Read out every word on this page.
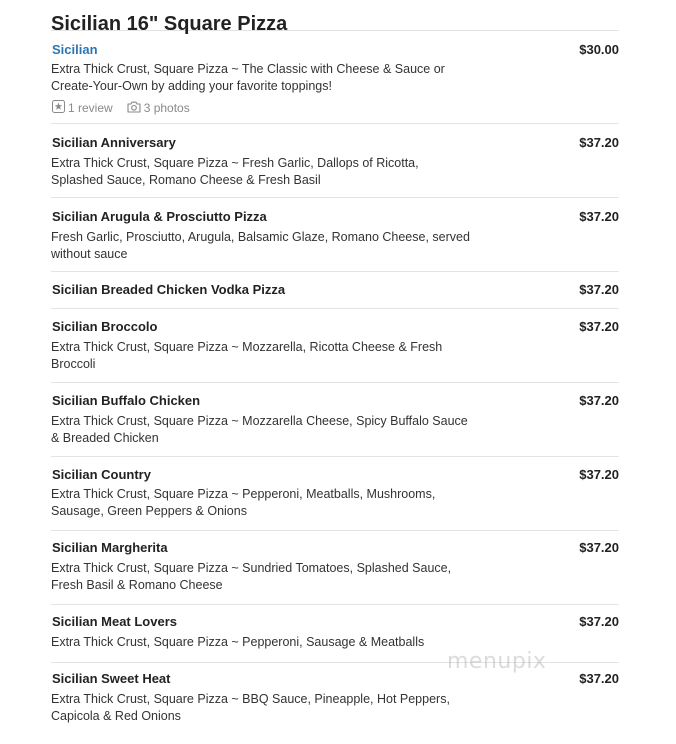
Sicilian 16" Square Pizza
Sicilian	$30.00
Extra Thick Crust, Square Pizza ~ The Classic with Cheese & Sauce or
Create-Your-Own by adding your favorite toppings!
1 review	3 photos
Sicilian Anniversary	$37.20
Extra Thick Crust, Square Pizza ~ Fresh Garlic, Dallops of Ricotta,
Splashed Sauce, Romano Cheese & Fresh Basil
Sicilian Arugula & Prosciutto Pizza	$37.20
Fresh Garlic, Prosciutto, Arugula, Balsamic Glaze, Romano Cheese, served
without sauce
Sicilian Breaded Chicken Vodka Pizza	$37.20
Sicilian Broccolo	$37.20
Extra Thick Crust, Square Pizza ~ Mozzarella, Ricotta Cheese & Fresh
Broccoli
Sicilian Buffalo Chicken	$37.20
Extra Thick Crust, Square Pizza ~ Mozzarella Cheese, Spicy Buffalo Sauce
& Breaded Chicken
Sicilian Country	$37.20
Extra Thick Crust, Square Pizza ~ Pepperoni, Meatballs, Mushrooms,
Sausage, Green Peppers & Onions
Sicilian Margherita	$37.20
Extra Thick Crust, Square Pizza ~ Sundried Tomatoes, Splashed Sauce,
Fresh Basil & Romano Cheese
Sicilian Meat Lovers	$37.20
Extra Thick Crust, Square Pizza ~ Pepperoni, Sausage & Meatballs
Sicilian Sweet Heat	$37.20
Extra Thick Crust, Square Pizza ~ BBQ Sauce, Pineapple, Hot Peppers,
Capicola & Red Onions
menupix
